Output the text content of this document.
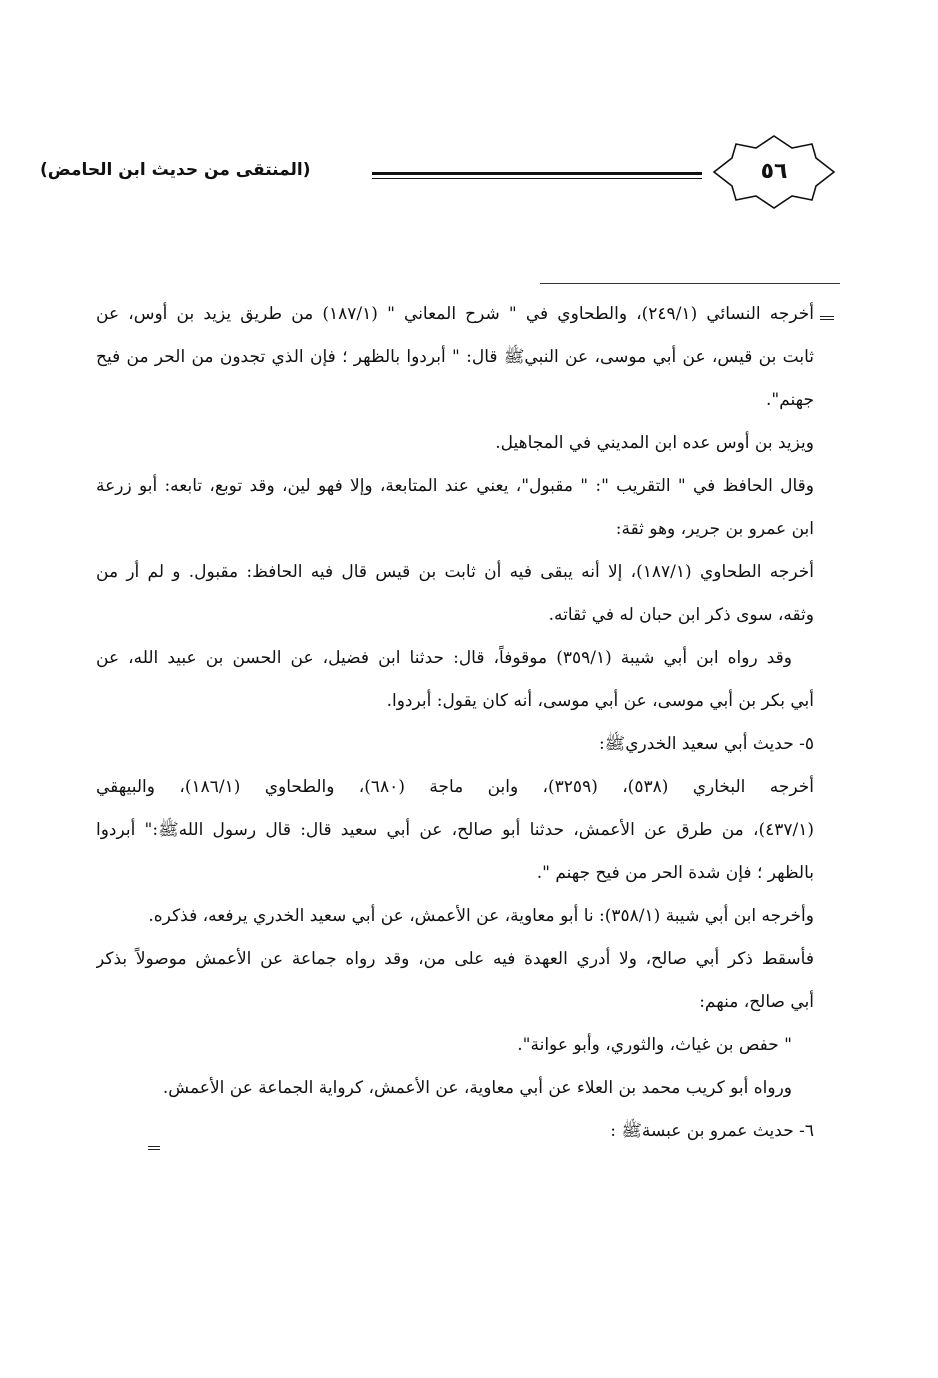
(المنتقى من حديث ابن الحامض)	٥٦
أخرجه النسائي (٢٤٩/١)، والطحاوي في " شرح المعاني " (١٨٧/١) من طريق يزيد بن أوس، عن
ثابت بن قيس، عن أبي موسى، عن النبيﷺ قال: " أبردوا بالظهر ؛ فإن الذي تجدون من الحر من فيح
جهنم".
ويزيد بن أوس عده ابن المديني في المجاهيل.
وقال الحافظ في " التقريب ": " مقبول"، يعني عند المتابعة، وإلا فهو لين، وقد توبع، تابعه: أبو زرعة
ابن عمرو بن جرير، وهو ثقة:
أخرجه الطحاوي (١٨٧/١)، إلا أنه يبقى فيه أن ثابت بن قيس قال فيه الحافظ: مقبول. و لم أر من
وثقه، سوى ذكر ابن حبان له في ثقاته.
وقد رواه ابن أبي شيبة (٣٥٩/١) موقوفاً، قال: حدثنا ابن فضيل، عن الحسن بن عبيد الله، عن
أبي بكر بن أبي موسى، عن أبي موسى، أنه كان يقول: أبردوا.
٥- حديث أبي سعيد الخدريﷺ:
أخرجه البخاري (٥٣٨)، (٣٢٥٩)، وابن ماجة (٦٨٠)، والطحاوي (١٨٦/١)، والبيهقي
(٤٣٧/١)، من طرق عن الأعمش، حدثنا أبو صالح، عن أبي سعيد قال: قال رسول اللهﷺ:" أبردوا
بالظهر ؛ فإن شدة الحر من فيح جهنم ".
وأخرجه ابن أبي شيبة (٣٥٨/١): نا أبو معاوية، عن الأعمش، عن أبي سعيد الخدري يرفعه، فذكره.
فأسقط ذكر أبي صالح، ولا أدري العهدة فيه على من، وقد رواه جماعة عن الأعمش موصولاً بذكر
أبي صالح، منهم:
" حفص بن غياث، والثوري، وأبو عوانة".
ورواه أبو كريب محمد بن العلاء عن أبي معاوية، عن الأعمش، كرواية الجماعة عن الأعمش.
٦- حديث عمرو بن عبسةﷺ :
